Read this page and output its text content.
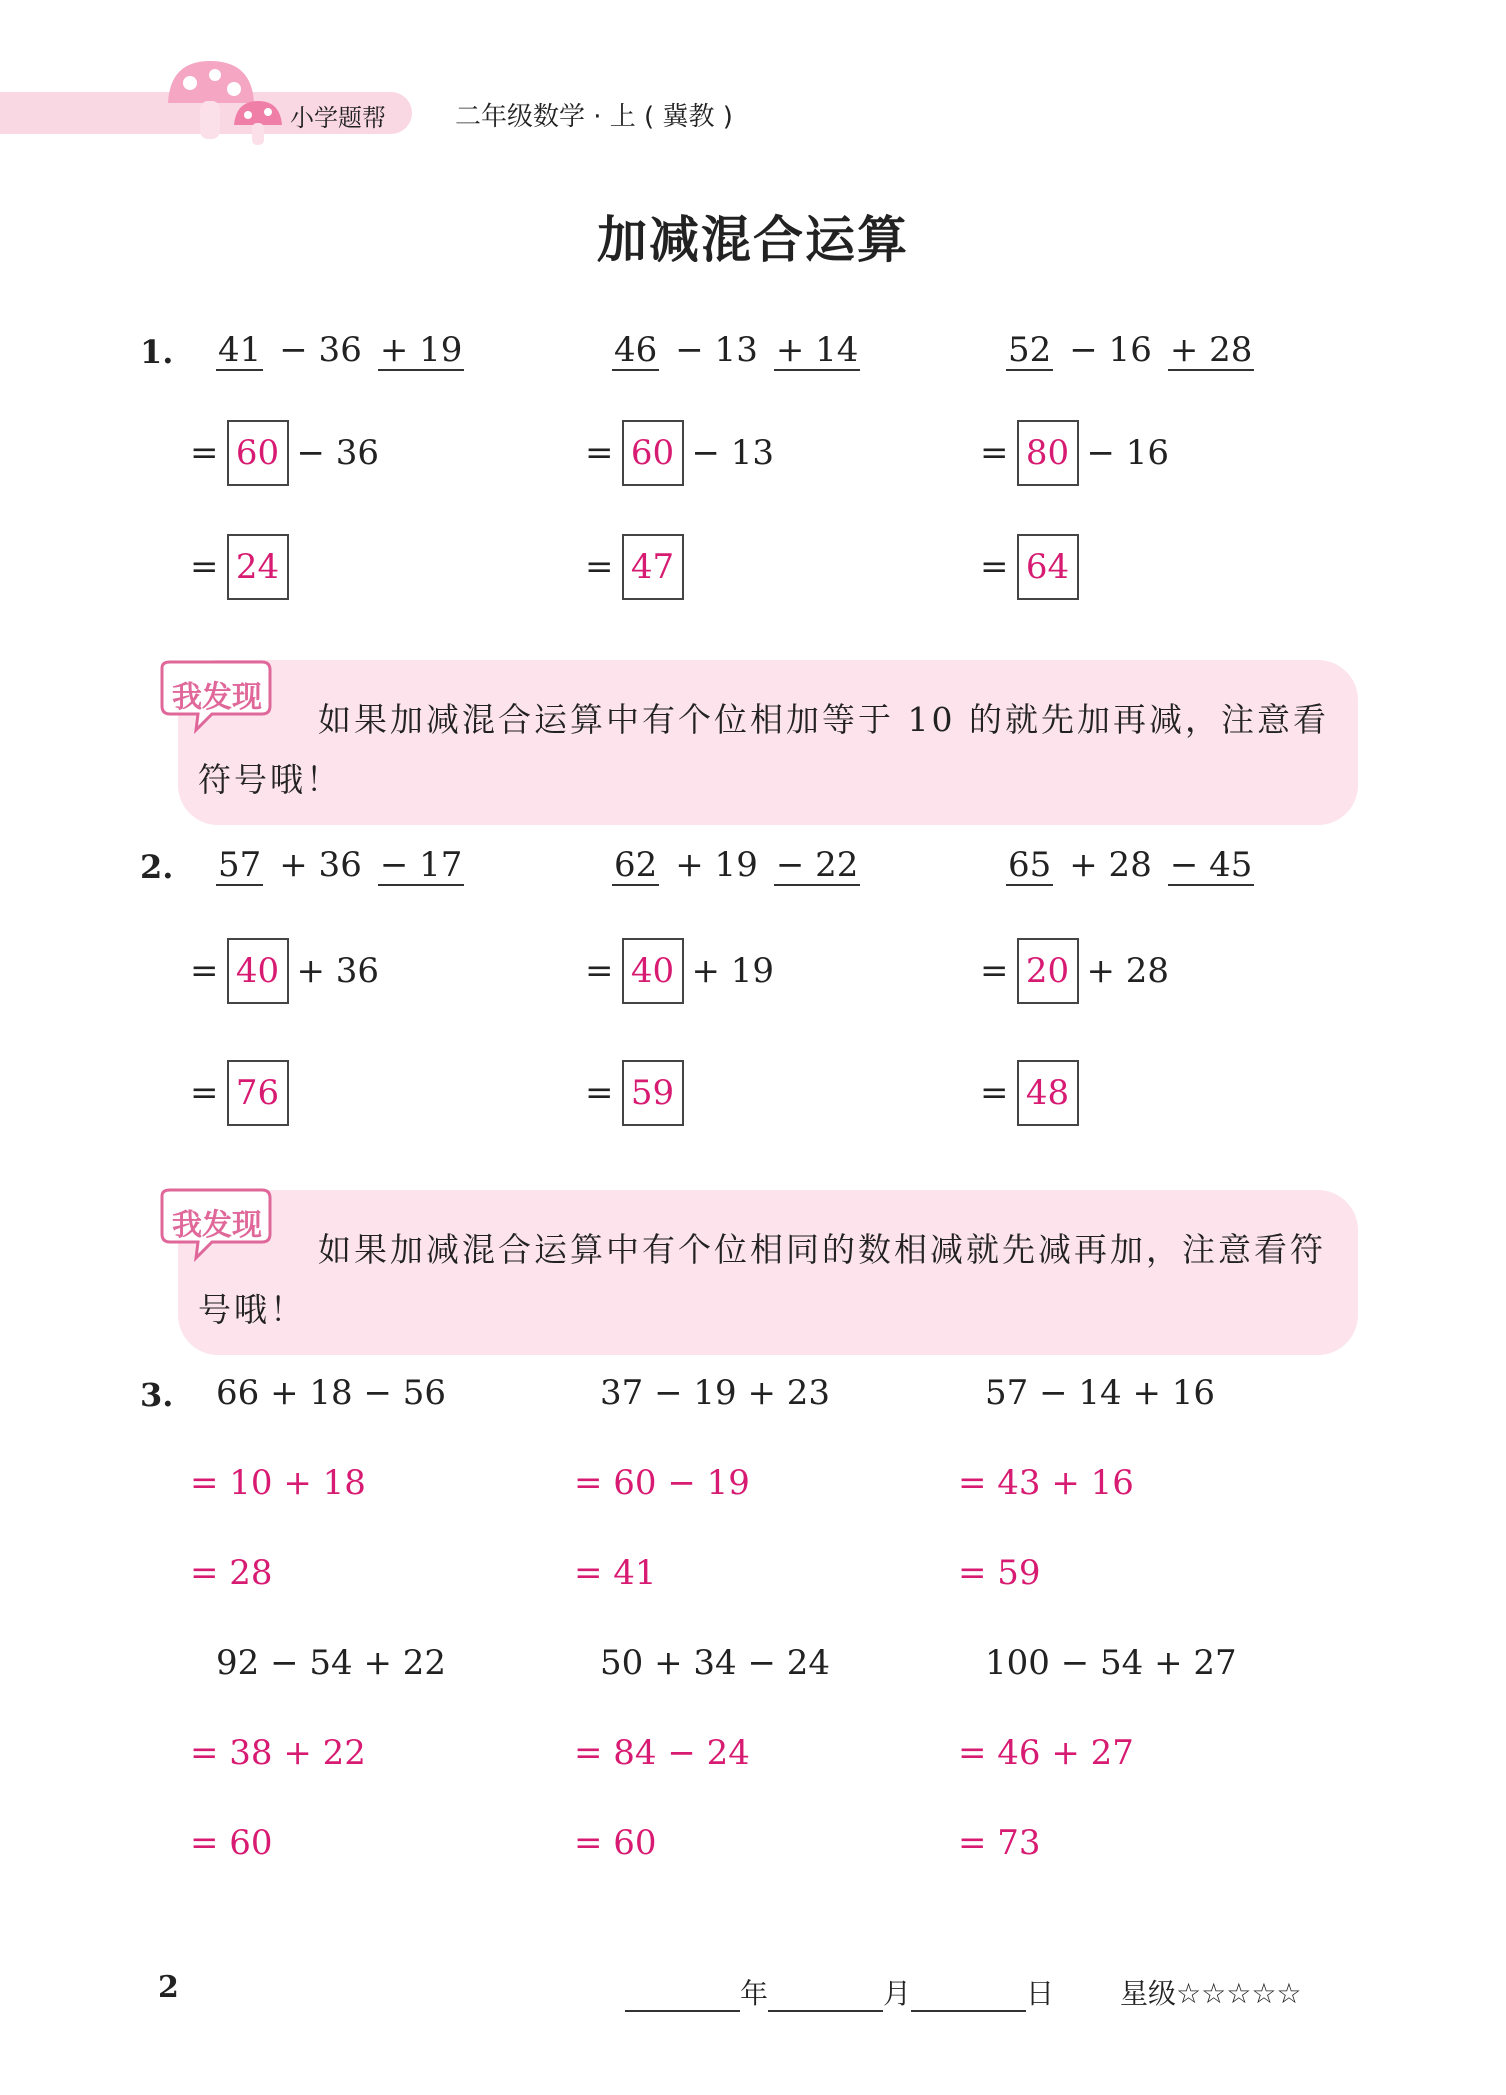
小学题帮	二年级数学 · 上 ( 冀教 )
加减混合运算
1. 41 − 36 + 19	46 − 13 + 14	52 − 16 + 28
= 60 − 36	= 60 − 13	= 80 − 16
= 24	= 47	= 64
我发现
如果加减混合运算中有个位相加等于 10 的就先加再减，注意看符号哦！
2. 57 + 36 − 17	62 + 19 − 22	65 + 28 − 45
= 40 + 36	= 40 + 19	= 20 + 28
= 76	= 59	= 48
我发现
如果加减混合运算中有个位相同的数相减就先减再加，注意看符号哦！
3. 66 + 18 − 56	37 − 19 + 23	57 − 14 + 16
= 10 + 18	= 60 − 19	= 43 + 16
= 28	= 41	= 59
92 − 54 + 22	50 + 34 − 24	100 − 54 + 27
= 38 + 22	= 84 − 24	= 46 + 27
= 60	= 60	= 73
2	年	月	日 星级☆☆☆☆☆
